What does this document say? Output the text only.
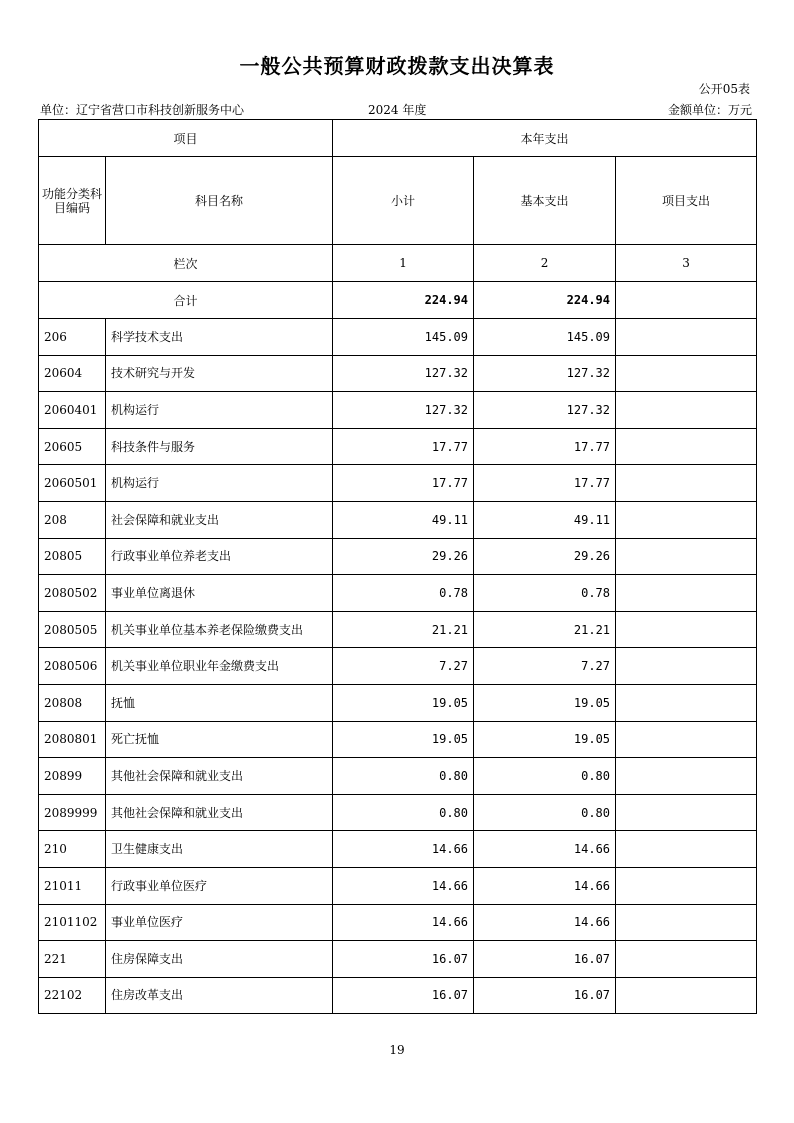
一般公共预算财政拨款支出决算表
公开05表
单位：辽宁省营口市科技创新服务中心	2024 年度	金额单位：万元
项目		本年支出		
功能分类科目编码	科目名称	小计	基本支出	项目支出
栏次		1	2	3
合计		224.94	224.94	
206	科学技术支出	145.09	145.09	
20604	技术研究与开发	127.32	127.32	
2060401	机构运行	127.32	127.32	
20605	科技条件与服务	17.77	17.77	
2060501	机构运行	17.77	17.77	
208	社会保障和就业支出	49.11	49.11	
20805	行政事业单位养老支出	29.26	29.26	
2080502	事业单位离退休	0.78	0.78	
2080505	机关事业单位基本养老保险缴费支出	21.21	21.21	
2080506	机关事业单位职业年金缴费支出	7.27	7.27	
20808	抚恤	19.05	19.05	
2080801	死亡抚恤	19.05	19.05	
20899	其他社会保障和就业支出	0.80	0.80	
2089999	其他社会保障和就业支出	0.80	0.80	
210	卫生健康支出	14.66	14.66	
21011	行政事业单位医疗	14.66	14.66	
2101102	事业单位医疗	14.66	14.66	
221	住房保障支出	16.07	16.07	
22102	住房改革支出	16.07	16.07	
19
